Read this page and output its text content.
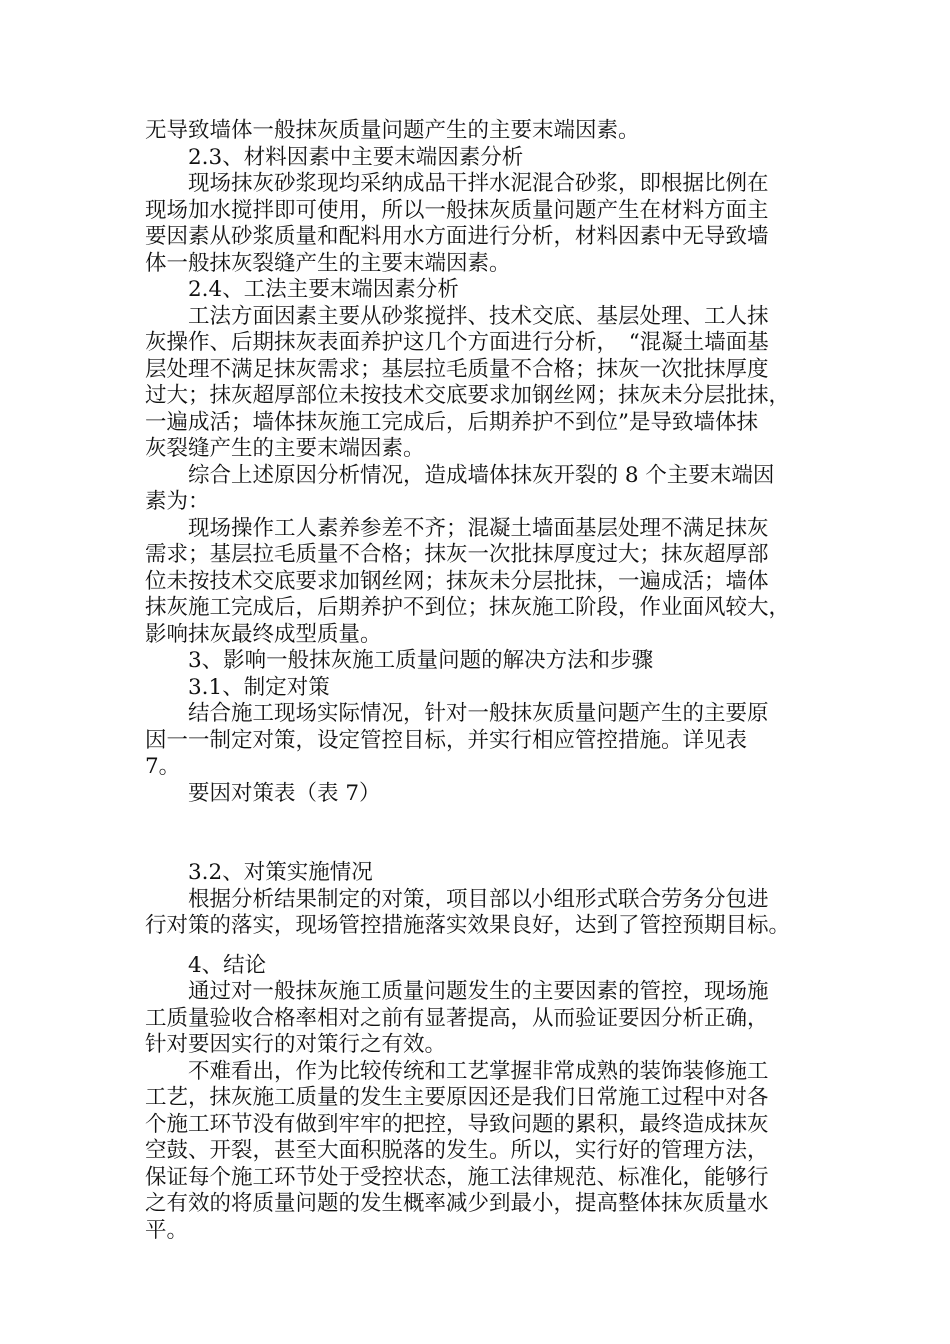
无导致墙体一般抹灰质量问题产生的主要末端因素。
2.3、材料因素中主要末端因素分析
现场抹灰砂浆现均采纳成品干拌水泥混合砂浆，即根据比例在
现场加水搅拌即可使用，所以一般抹灰质量问题产生在材料方面主
要因素从砂浆质量和配料用水方面进行分析，材料因素中无导致墙
体一般抹灰裂缝产生的主要末端因素。
2.4、工法主要末端因素分析
工法方面因素主要从砂浆搅拌、技术交底、基层处理、工人抹
灰操作、后期抹灰表面养护这几个方面进行分析，　“混凝土墙面基
层处理不满足抹灰需求；基层拉毛质量不合格；抹灰一次批抹厚度
过大；抹灰超厚部位未按技术交底要求加钢丝网；抹灰未分层批抹，
一遍成活；墙体抹灰施工完成后，后期养护不到位”是导致墙体抹
灰裂缝产生的主要末端因素。
综合上述原因分析情况，造成墙体抹灰开裂的 8 个主要末端因
素为：
现场操作工人素养参差不齐；混凝土墙面基层处理不满足抹灰
需求；基层拉毛质量不合格；抹灰一次批抹厚度过大；抹灰超厚部
位未按技术交底要求加钢丝网；抹灰未分层批抹，一遍成活；墙体
抹灰施工完成后，后期养护不到位；抹灰施工阶段，作业面风较大，
影响抹灰最终成型质量。
3、影响一般抹灰施工质量问题的解决方法和步骤
3.1、制定对策
结合施工现场实际情况，针对一般抹灰质量问题产生的主要原
因一一制定对策，设定管控目标，并实行相应管控措施。详见表
7。
要因对策表（表 7）
3.2、对策实施情况
根据分析结果制定的对策，项目部以小组形式联合劳务分包进
行对策的落实，现场管控措施落实效果良好，达到了管控预期目标。
4、结论
通过对一般抹灰施工质量问题发生的主要因素的管控，现场施
工质量验收合格率相对之前有显著提高，从而验证要因分析正确，
针对要因实行的对策行之有效。
不难看出，作为比较传统和工艺掌握非常成熟的装饰装修施工
工艺，抹灰施工质量的发生主要原因还是我们日常施工过程中对各
个施工环节没有做到牢牢的把控，导致问题的累积，最终造成抹灰
空鼓、开裂，甚至大面积脱落的发生。所以，实行好的管理方法，
保证每个施工环节处于受控状态，施工法律规范、标准化，能够行
之有效的将质量问题的发生概率减少到最小，提高整体抹灰质量水
平。
